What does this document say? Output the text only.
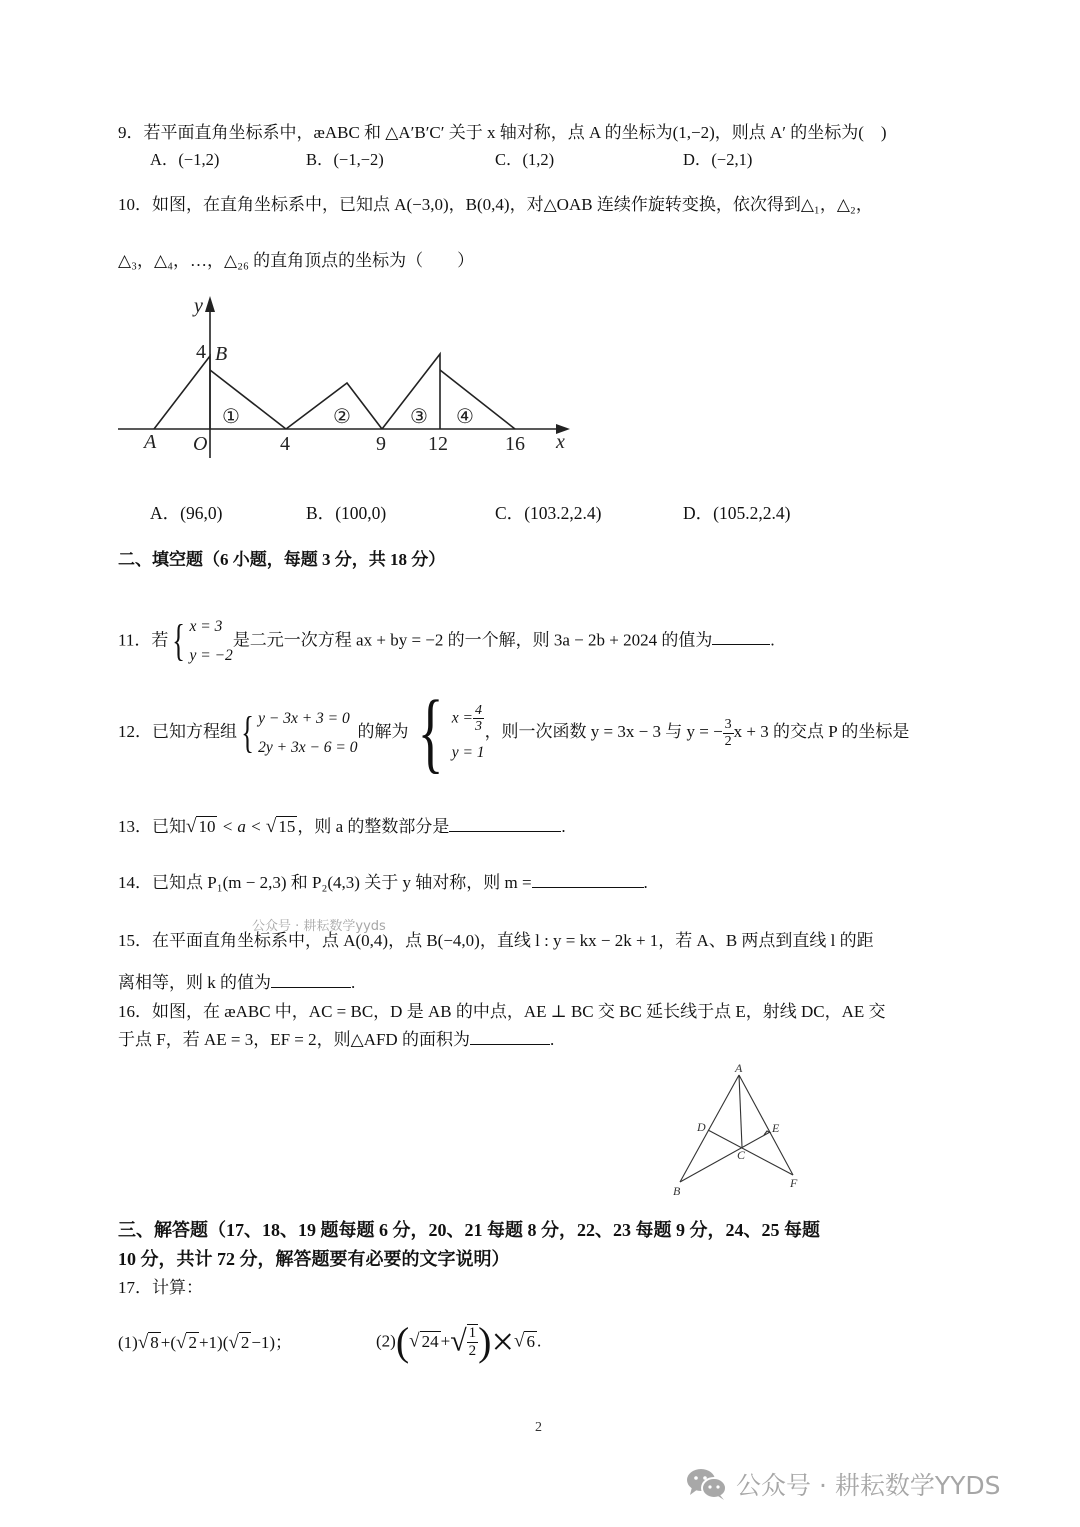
9．若平面直角坐标系中，æABC 和 △A′B′C′ 关于 x 轴对称，点 A 的坐标为(1,−2)，则点 A′ 的坐标为(　)
A．(−1,2)	B．(−1,−2)	C．(1,2)	D．(−2,1)
10．如图，在直角坐标系中，已知点 A(−3,0)，B(0,4)，对△OAB 连续作旋转变换，依次得到△₁，△₂，
△₃，△₄，…，△₂₆ 的直角顶点的坐标为（　　）
y
x
A O
B
4
4	9 12	16
①	②	③ ④
A．(96,0)	B．(100,0)	C．(103.2,2.4)	D．(105.2,2.4)
二、填空题（6 小题，每题 3 分，共 18 分）
11．若{ x = 3
y = −2
是二元一次方程 ax + by = −2 的一个解，则 3a − 2b + 2024 的值为	.
12．已知方程组{ y − 3x + 3 = 0
2y + 3x − 6 = 0
的解为{ $x = \frac{4}{3}$
y = 1
，则一次函数 y = 3x − 3 与 y = − $\frac{3}{2}$ x + 3 的交点 P 的坐标是
13．已知√ 10 < a < √ 15 ，则 a 的整数部分是	.
14．已知点 P₁(m − 2,3) 和 P₂(4,3) 关于 y 轴对称，则 m =	.
公众号 · 耕耘数学yyds
15．在平面直角坐标系中，点 A(0,4)，点 B(−4,0)，直线 l : y = kx − 2k + 1，若 A、B 两点到直线 l 的距
离相等，则 k 的值为	.
16．如图，在 æABC 中，AC = BC，D 是 AB 的中点，AE ⊥ BC 交 BC 延长线于点 E，射线 DC，AE 交
于点 F，若 AE = 3，EF = 2，则△AFD 的面积为	.
A
D	E
C
B
F
三、解答题（17、18、19 题每题 6 分，20、21 每题 8 分，22、23 每题 9 分，24、25 每题
10 分，共计 72 分，解答题要有必要的文字说明）
17．计算：
(1)√ 8 +(√ 2 +1)(√ 2 −1)；	(2)(√ 24 +√ $\frac{1}{2}$ )×√ 6 .
2
公众号 · 耕耘数学YYDS
